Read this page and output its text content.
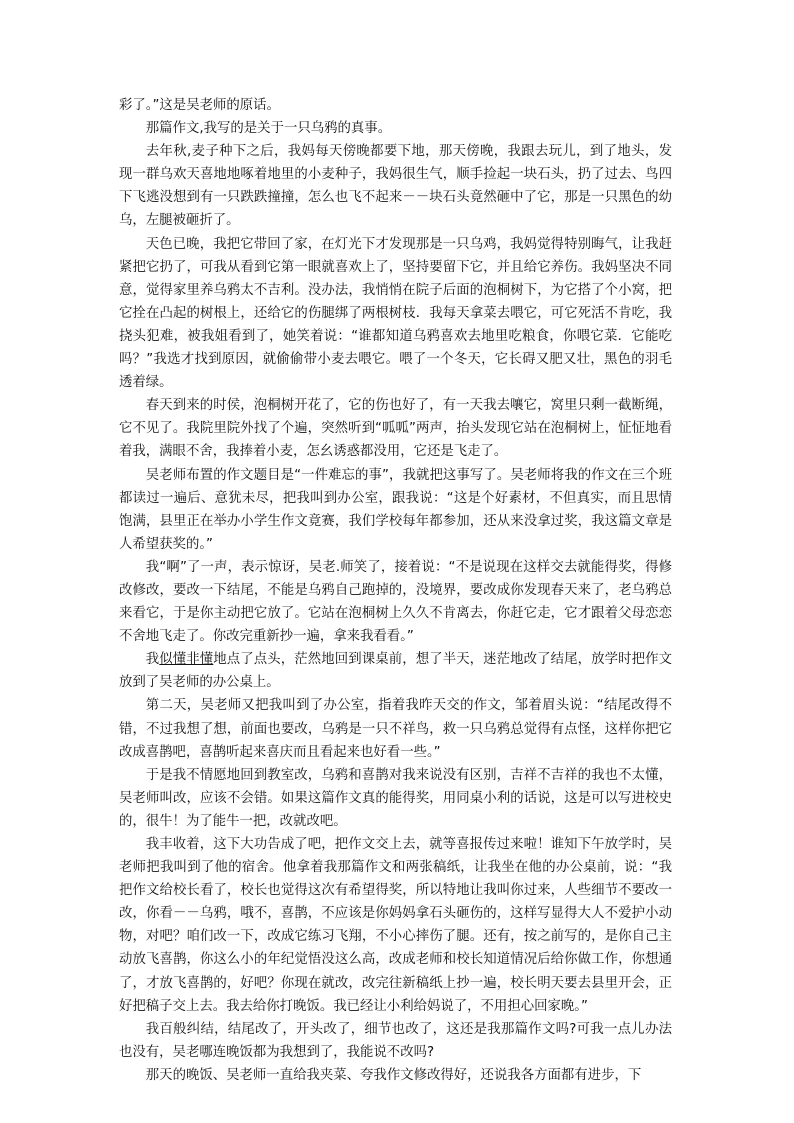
彩了。”这是吴老师的原话。

那篇作文,我写的是关于一只乌鸦的真事。

去年秋,麦子种下之后，我妈每天傍晚都要下地，那天傍晚，我跟去玩儿，到了地头，发现一群乌欢天喜地地啄着地里的小麦种子，我妈很生气，顺手捡起一块石头，扔了过去、鸟四下飞逃没想到有一只跌跌撞撞，怎么也飞不起来－－块石头竟然砸中了它，那是一只黑色的幼乌，左腿被砸折了。

天色已晚，我把它带回了家，在灯光下才发现那是一只乌鸡，我妈觉得特别晦气，让我赶紧把它扔了，可我从看到它第一眼就喜欢上了，坚持要留下它，并且给它养伤。我妈坚决不同意，觉得家里养乌鸦太不吉利。没办法，我悄悄在院子后面的泡桐树下，为它搭了个小窝，把它拴在凸起的树根上，还给它的伤腿绑了两根树枝．我每天拿菜去喂它，可它死活不肯吃，我挠头犯难，被我姐看到了，她笑着说：“谁都知道乌鸦喜欢去地里吃粮食，你喂它菜．它能吃吗？”我选才找到原因，就偷偷带小麦去喂它。喂了一个冬天，它长碍又肥又壮，黑色的羽毛透着绿。

春天到来的时侯，泡桐树开花了，它的伤也好了，有一天我去嚷它，窝里只剩一截断绳，它不见了。我院里院外找了个遍，突然听到“呱呱”两声，抬头发现它站在泡桐树上，怔怔地看着我，满眼不舍，我捧着小麦，怎幺诱惑都没用，它还是飞走了。

吴老师布置的作文题目是“一件难忘的事”，我就把这事写了。吴老师将我的作文在三个班都读过一遍后、意犹未尽，把我叫到办公室，跟我说：“这是个好素材，不但真实，而且思情饱满，县里正在举办小学生作文竟赛，我们学校每年都参加，还从来没拿过奖，我这篇文章是人希望获奖的。”

我“啊”了一声，表示惊讶，吴老.师笑了，接着说：“不是说现在这样交去就能得奖，得修改修改，要改一下结尾，不能是乌鸦自己跑掉的，没境界，要改成你发现春天来了，老乌鸦总来看它，于是你主动把它放了。它站在泡桐树上久久不肯离去，你赶它走，它才跟着父母恋恋不舍地飞走了。你改完重新抄一遍，拿来我看看。”

我似懂非懂地点了点头，茫然地回到课桌前，想了半天，迷茫地改了结尾，放学时把作文放到了吴老师的办公桌上。

第二天，吴老师又把我叫到了办公室，指着我昨天交的作文，邹着眉头说：“结尾改得不错，不过我想了想，前面也要改，乌鸦是一只不祥鸟，救一只乌鸦总觉得有点怪，这样你把它改成喜鹊吧，喜鹊听起来喜庆而且看起来也好看一些。”

于是我不情愿地回到教室改，乌鸦和喜鹊对我来说没有区别，吉祥不吉祥的我也不太懂，吴老师叫改，应该不会错。如果这篇作文真的能得奖，用同桌小利的话说，这是可以写进校史的，很牛！为了能牛一把，改就改吧。

我丰收着，这下大功告成了吧，把作文交上去，就等喜报传过来啦！谁知下午放学时，吴老师把我叫到了他的宿舍。他拿着我那篇作文和两张稿纸，让我坐在他的办公桌前，说：“我把作文给校长看了，校长也觉得这次有希望得奖，所以特地让我叫你过来，人些细节不要改一改，你看－－乌鸦，哦不，喜鹊，不应该是你妈妈拿石头砸伤的，这样写显得大人不爱护小动物，对吧？咱们改一下，改成它练习飞翔，不小心摔伤了腿。还有，按之前写的，是你自己主动放飞喜鹊，你这么小的年纪觉悟没这么高，改成老师和校长知道情况后给你做工作，你想通了，才放飞喜鹊的，好吧？你现在就改，改完往新稿纸上抄一遍，校长明天要去县里开会，正好把稿子交上去。我去给你打晚饭。我已经让小利给妈说了，不用担心回家晚。”

我百般纠结，结尾改了，开头改了，细节也改了，这还是我那篇作文吗?可我一点儿办法也没有，吴老哪连晚饭都为我想到了，我能说不改吗?

那天的晚饭、吴老师一直给我夹菜、夸我作文修改得好，还说我各方面都有进步，下
